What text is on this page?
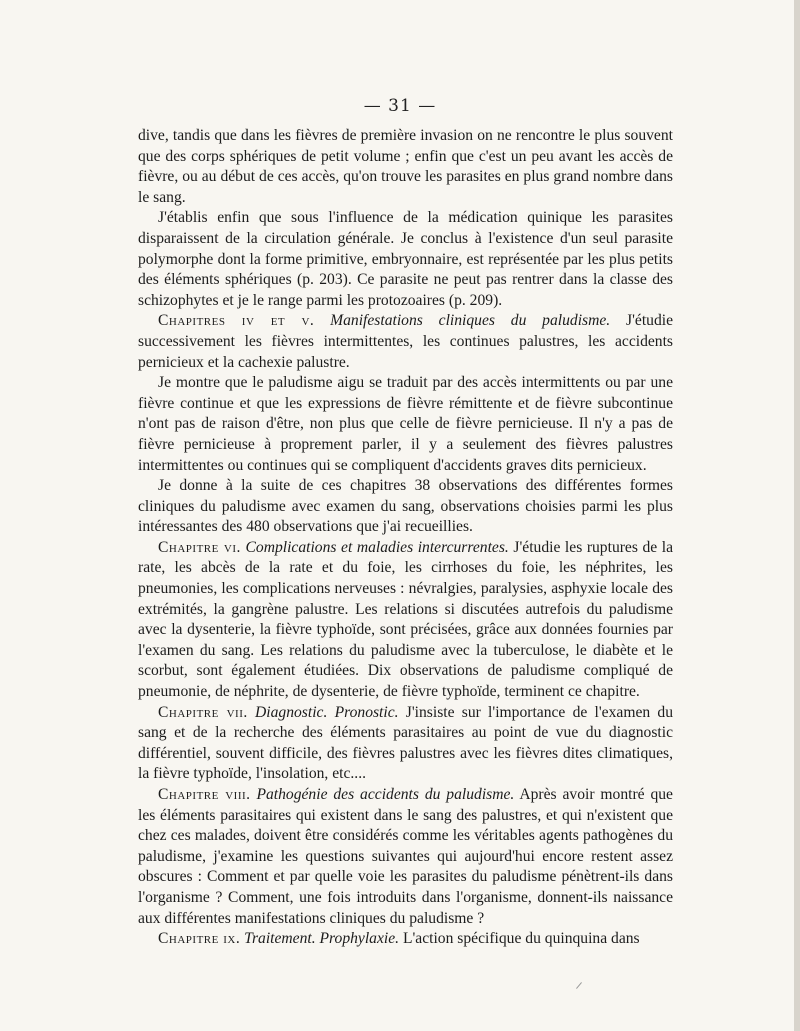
— 31 —

dive, tandis que dans les fièvres de première invasion on ne rencontre le plus souvent que des corps sphériques de petit volume ; enfin que c'est un peu avant les accès de fièvre, ou au début de ces accès, qu'on trouve les parasites en plus grand nombre dans le sang.

J'établis enfin que sous l'influence de la médication quinique les parasites disparaissent de la circulation générale. Je conclus à l'existence d'un seul parasite polymorphe dont la forme primitive, embryonnaire, est représentée par les plus petits des éléments sphériques (p. 203). Ce parasite ne peut pas rentrer dans la classe des schizophytes et je le range parmi les protozoaires (p. 209).

Chapitres iv et v. Manifestations cliniques du paludisme. J'étudie successivement les fièvres intermittentes, les continues palustres, les accidents pernicieux et la cachexie palustre.

Je montre que le paludisme aigu se traduit par des accès intermittents ou par une fièvre continue et que les expressions de fièvre rémittente et de fièvre subcontinue n'ont pas de raison d'être, non plus que celle de fièvre pernicieuse. Il n'y a pas de fièvre pernicieuse à proprement parler, il y a seulement des fièvres palustres intermittentes ou continues qui se compliquent d'accidents graves dits pernicieux.

Je donne à la suite de ces chapitres 38 observations des différentes formes cliniques du paludisme avec examen du sang, observations choisies parmi les plus intéressantes des 480 observations que j'ai recueillies.

Chapitre vi. Complications et maladies intercurrentes. J'étudie les ruptures de la rate, les abcès de la rate et du foie, les cirrhoses du foie, les néphrites, les pneumonies, les complications nerveuses : névralgies, paralysies, asphyxie locale des extrémités, la gangrène palustre. Les relations si discutées autrefois du paludisme avec la dysenterie, la fièvre typhoïde, sont précisées, grâce aux données fournies par l'examen du sang. Les relations du paludisme avec la tuberculose, le diabète et le scorbut, sont également étudiées. Dix observations de paludisme compliqué de pneumonie, de néphrite, de dysenterie, de fièvre typhoïde, terminent ce chapitre.

Chapitre vii. Diagnostic. Pronostic. J'insiste sur l'importance de l'examen du sang et de la recherche des éléments parasitaires au point de vue du diagnostic différentiel, souvent difficile, des fièvres palustres avec les fièvres dites climatiques, la fièvre typhoïde, l'insolation, etc....

Chapitre viii. Pathogénie des accidents du paludisme. Après avoir montré que les éléments parasitaires qui existent dans le sang des palustres, et qui n'existent que chez ces malades, doivent être considérés comme les véritables agents pathogènes du paludisme, j'examine les questions suivantes qui aujourd'hui encore restent assez obscures : Comment et par quelle voie les parasites du paludisme pénètrent-ils dans l'organisme ? Comment, une fois introduits dans l'organisme, donnent-ils naissance aux différentes manifestations cliniques du paludisme ?

Chapitre ix. Traitement. Prophylaxie. L'action spécifique du quinquina dans
